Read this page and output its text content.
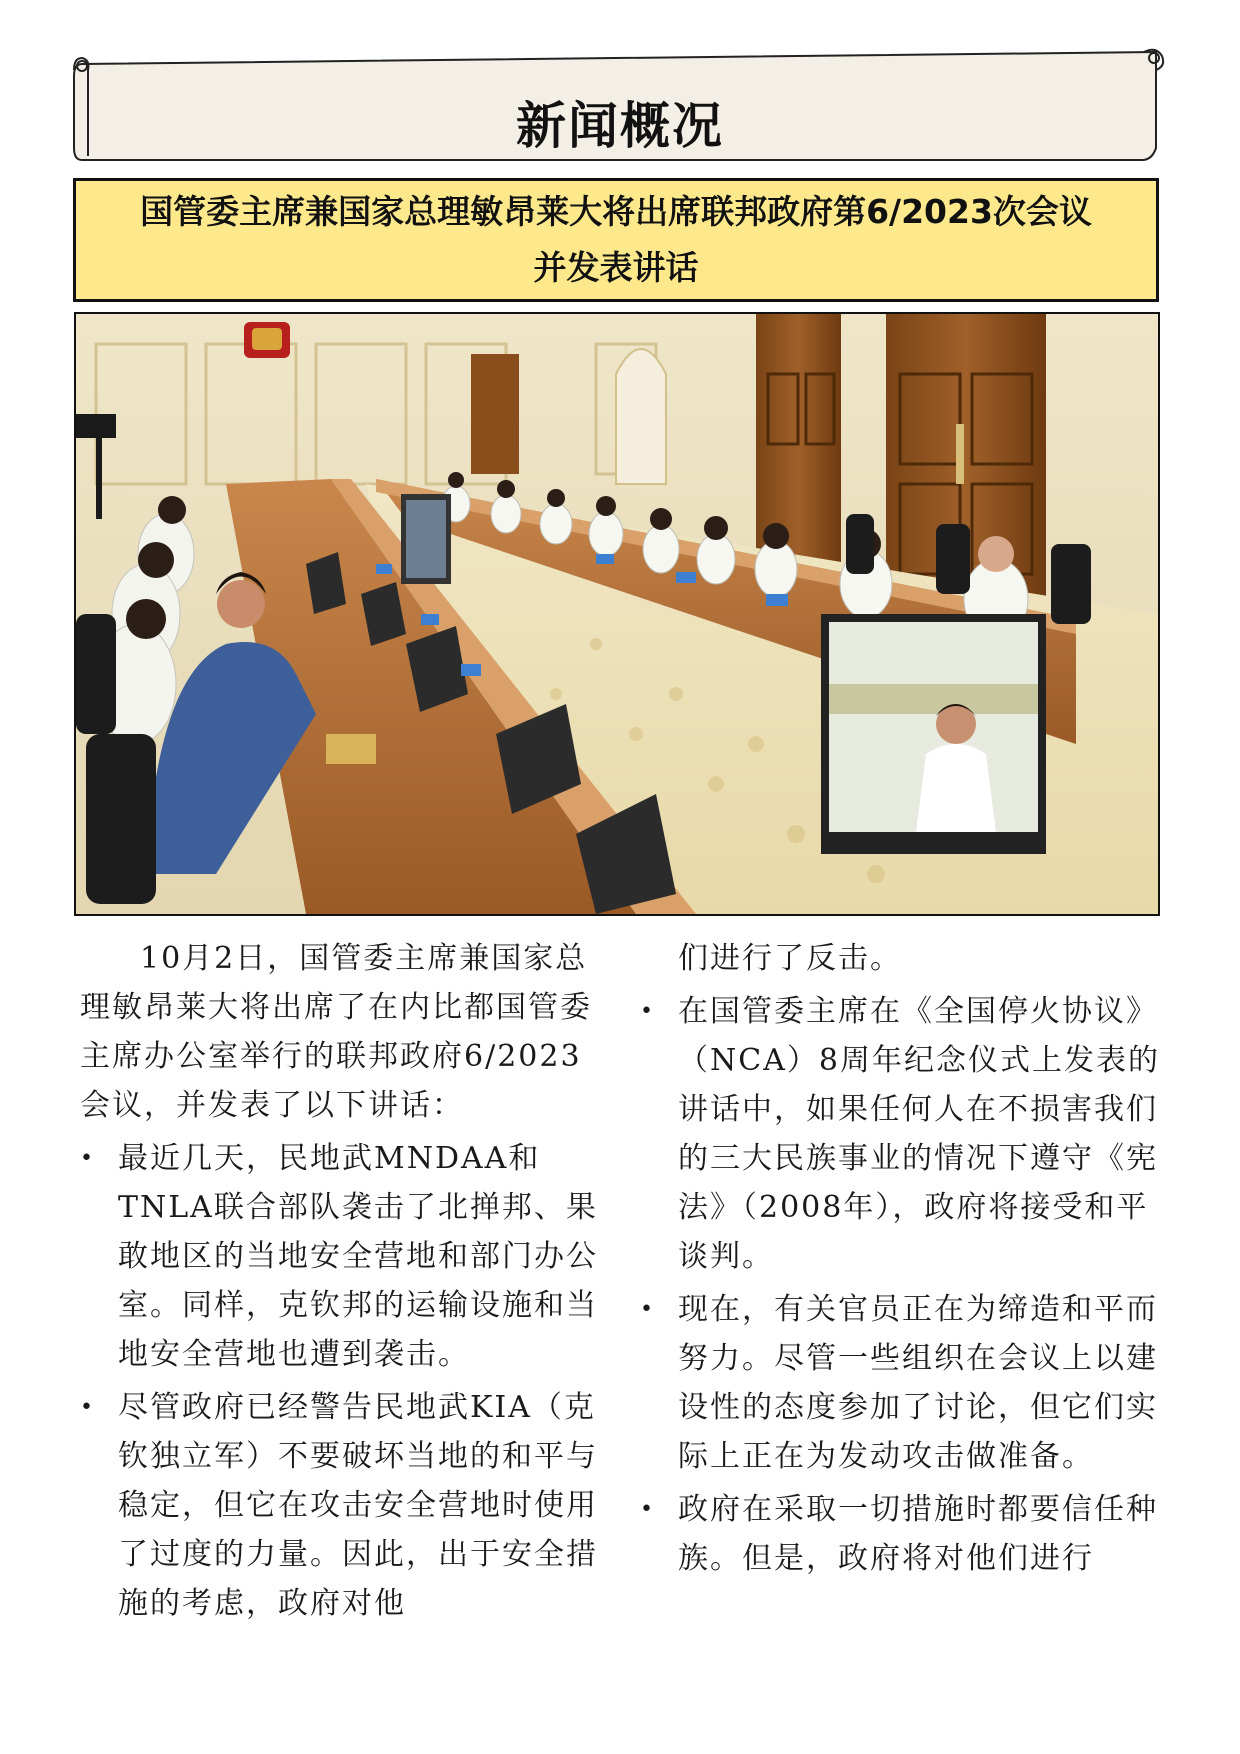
新闻概况
国管委主席兼国家总理敏昂莱大将出席联邦政府第6/2023次会议
并发表讲话

10月2日，国管委主席兼国家总理敏昂莱大将出席了在内比都国管委主席办公室举行的联邦政府6/2023会议，并发表了以下讲话：

• 最近几天，民地武MNDAA和TNLA联合部队袭击了北掸邦、果敢地区的当地安全营地和部门办公室。同样，克钦邦的运输设施和当地安全营地也遭到袭击。
• 尽管政府已经警告民地武KIA（克钦独立军）不要破坏当地的和平与稳定，但它在攻击安全营地时使用了过度的力量。因此，出于安全措施的考虑，政府对他

们进行了反击。

• 在国管委主席在《全国停火协议》（NCA）8周年纪念仪式上发表的讲话中，如果任何人在不损害我们的三大民族事业的情况下遵守《宪法》（2008年），政府将接受和平谈判。
• 现在，有关官员正在为缔造和平而努力。尽管一些组织在会议上以建设性的态度参加了讨论，但它们实际上正在为发动攻击做准备。
• 政府在采取一切措施时都要信任种族。但是，政府将对他们进行
